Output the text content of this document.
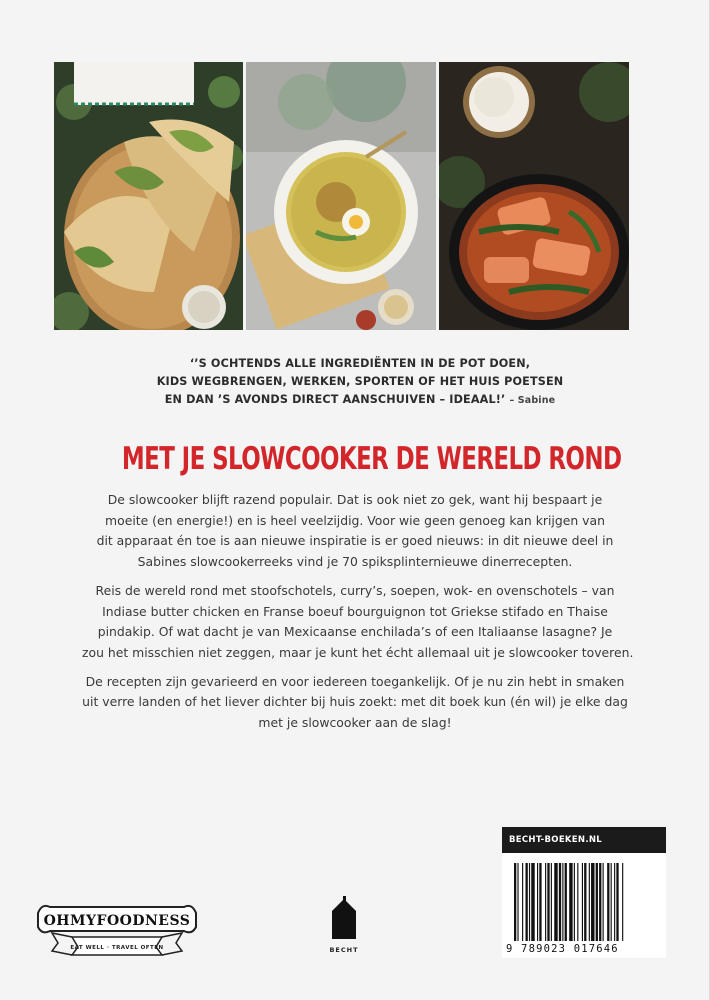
‘’S OCHTENDS ALLE INGREDIËNTEN IN DE POT DOEN,
KIDS WEGBRENGEN, WERKEN, SPORTEN OF HET HUIS POETSEN
EN DAN ’S AVONDS DIRECT AANSCHUIVEN – IDEAAL!’ – Sabine
MET JE SLOWCOOKER DE WERELD ROND
De slowcooker blijft razend populair. Dat is ook niet zo gek, want hij bespaart je
moeite (en energie!) en is heel veelzijdig. Voor wie geen genoeg kan krijgen van
dit apparaat én toe is aan nieuwe inspiratie is er goed nieuws: in dit nieuwe deel in
Sabines slowcookerreeks vind je 70 spiksplinternieuwe dinerrecepten.
Reis de wereld rond met stoofschotels, curry’s, soepen, wok- en ovenschotels – van
Indiase butter chicken en Franse boeuf bourguignon tot Griekse stifado en Thaise
pindakip. Of wat dacht je van Mexicaanse enchilada’s of een Italiaanse lasagne? Je
zou het misschien niet zeggen, maar je kunt het écht allemaal uit je slowcooker toveren.
De recepten zijn gevarieerd en voor iedereen toegankelijk. Of je nu zin hebt in smaken
uit verre landen of het liever dichter bij huis zoekt: met dit boek kun (én wil) je elke dag
met je slowcooker aan de slag!
OHMYFOODNESS
EAT WELL · TRAVEL OFTEN	BECHT
BECHT-BOEKEN.NL
9 789023 017646
